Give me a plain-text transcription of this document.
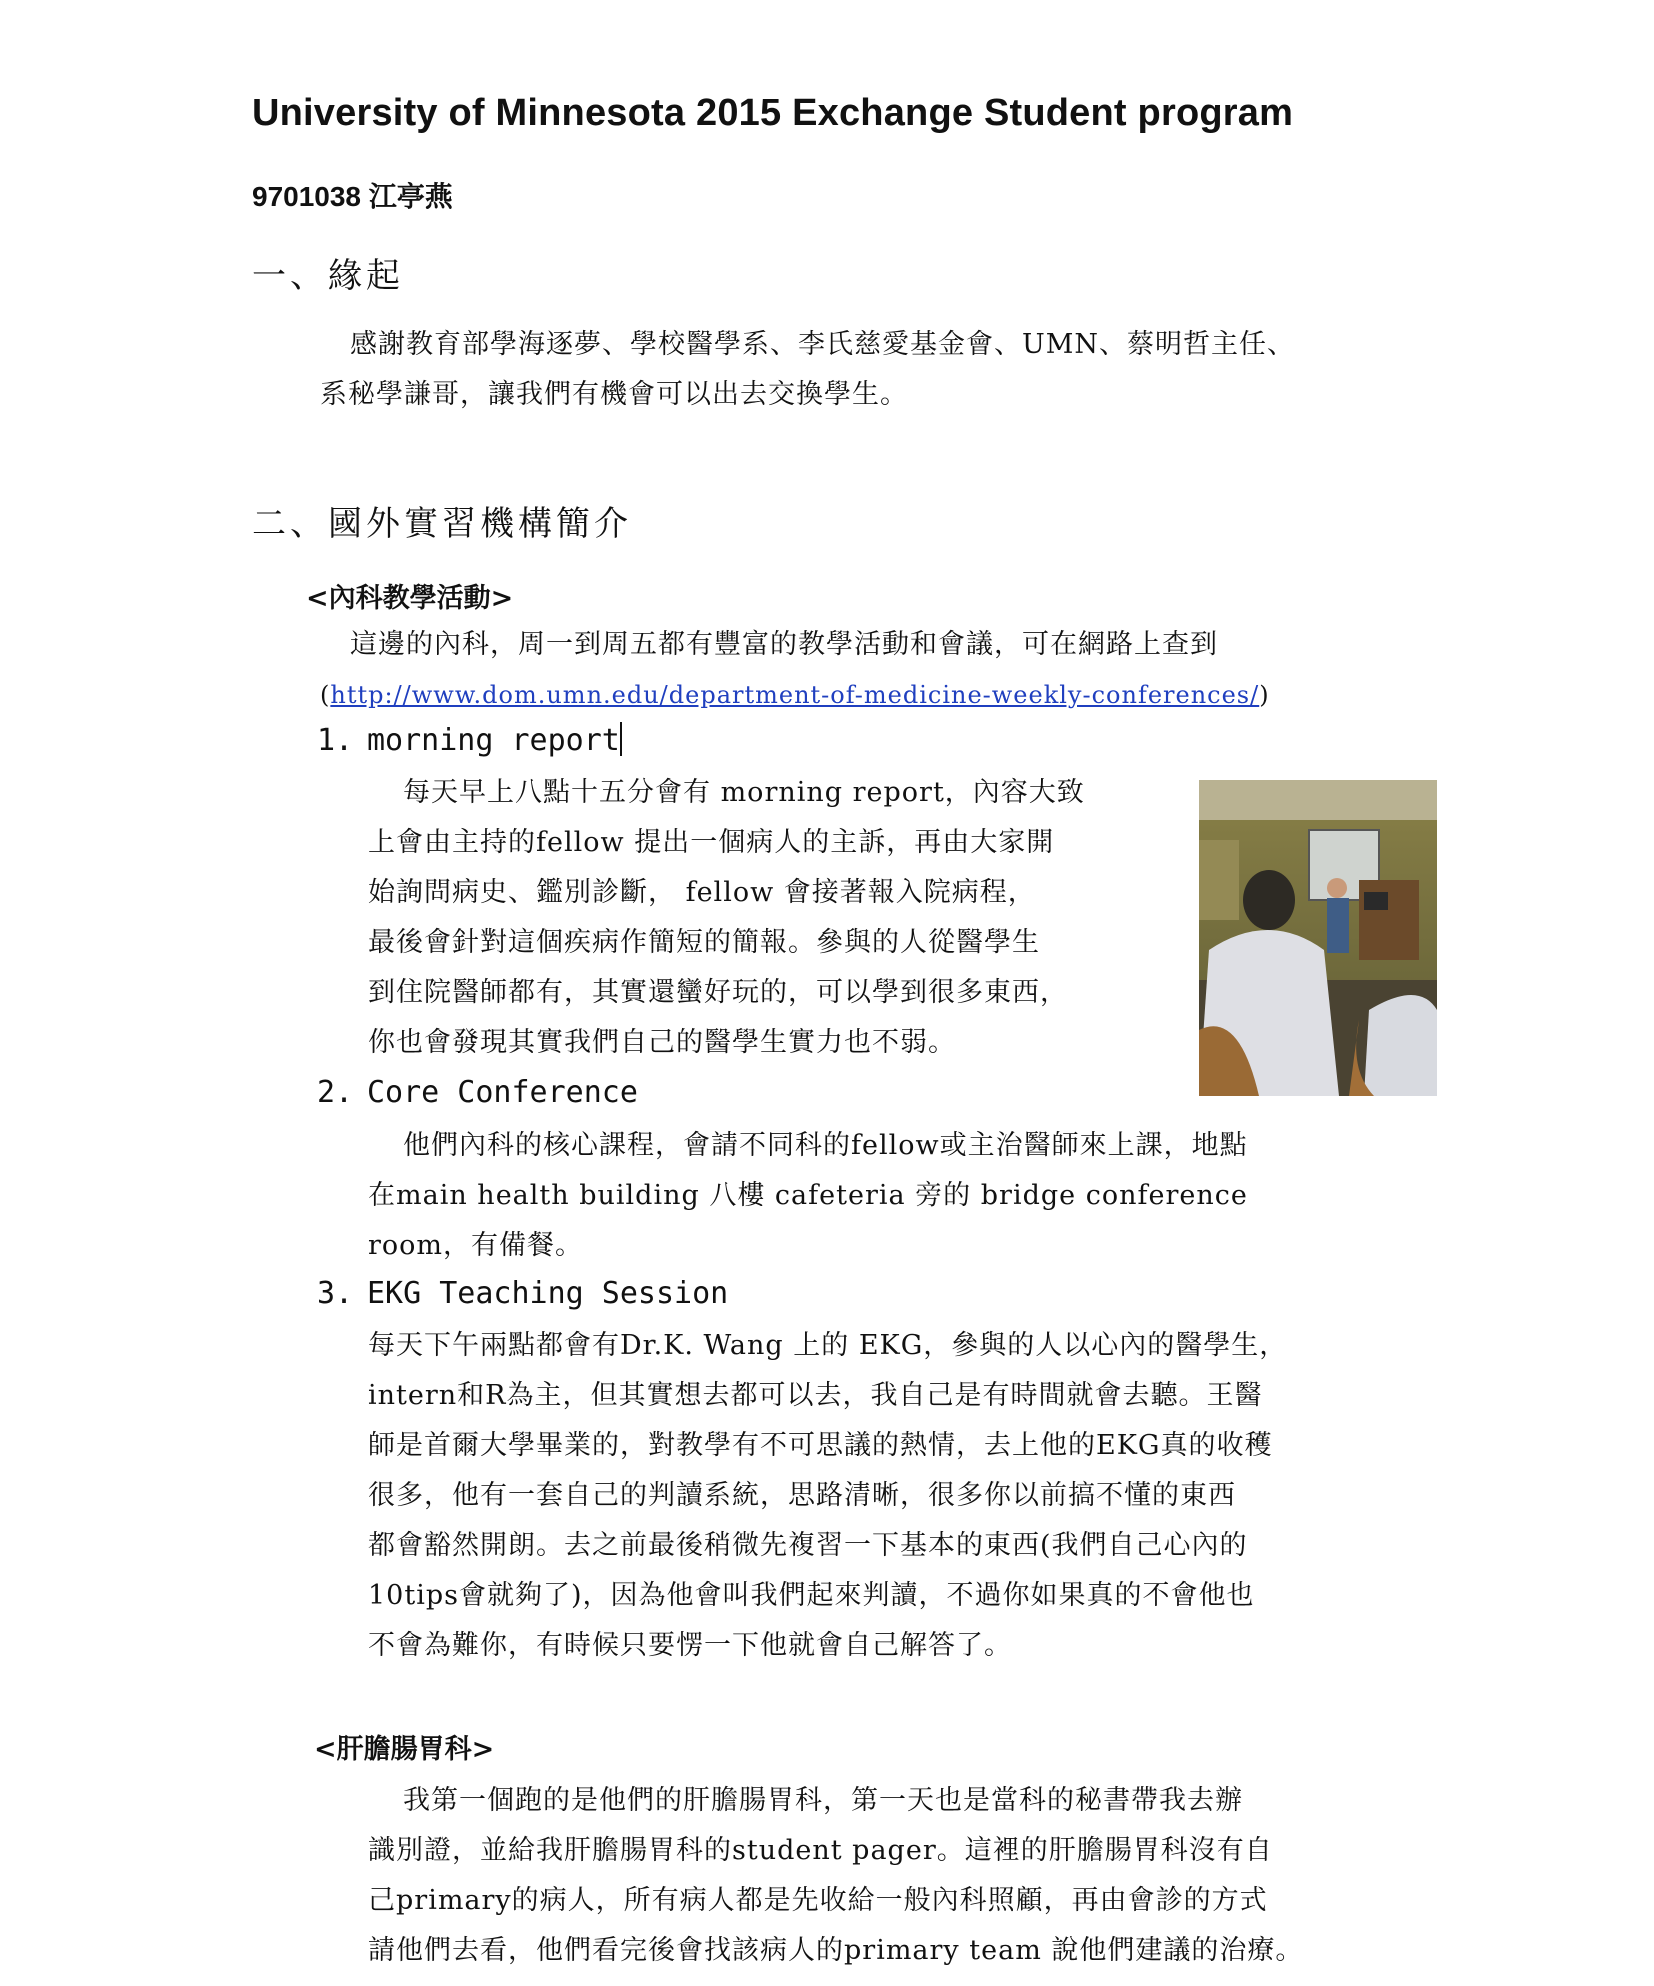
University of Minnesota 2015 Exchange Student program
9701038 江亭燕
一、緣起
感謝教育部學海逐夢、學校醫學系、李氏慈愛基金會、UMN、蔡明哲主任、
系秘學謙哥，讓我們有機會可以出去交換學生。
二、國外實習機構簡介
<內科教學活動>
這邊的內科，周一到周五都有豐富的教學活動和會議，可在網路上查到
(http://www.dom.umn.edu/department-of-medicine-weekly-conferences/)
1. morning report
每天早上八點十五分會有 morning report，內容大致
上會由主持的fellow 提出一個病人的主訴，再由大家開
始詢問病史、鑑別診斷， fellow 會接著報入院病程，
最後會針對這個疾病作簡短的簡報。參與的人從醫學生
到住院醫師都有，其實還蠻好玩的，可以學到很多東西，
你也會發現其實我們自己的醫學生實力也不弱。
2. Core Conference
他們內科的核心課程，會請不同科的fellow或主治醫師來上課，地點
在main health building 八樓 cafeteria 旁的 bridge conference
room，有備餐。
3. EKG Teaching Session
每天下午兩點都會有Dr.K. Wang 上的 EKG，參與的人以心內的醫學生，
intern和R為主，但其實想去都可以去，我自己是有時間就會去聽。王醫
師是首爾大學畢業的，對教學有不可思議的熱情，去上他的EKG真的收穫
很多，他有一套自己的判讀系統，思路清晰，很多你以前搞不懂的東西
都會豁然開朗。去之前最後稍微先複習一下基本的東西(我們自己心內的
10tips會就夠了)，因為他會叫我們起來判讀，不過你如果真的不會他也
不會為難你，有時候只要愣一下他就會自己解答了。
<肝膽腸胃科>
我第一個跑的是他們的肝膽腸胃科，第一天也是當科的秘書帶我去辦
識別證，並給我肝膽腸胃科的student pager。這裡的肝膽腸胃科沒有自
己primary的病人，所有病人都是先收給一般內科照顧，再由會診的方式
請他們去看，他們看完後會找該病人的primary team 說他們建議的治療。
